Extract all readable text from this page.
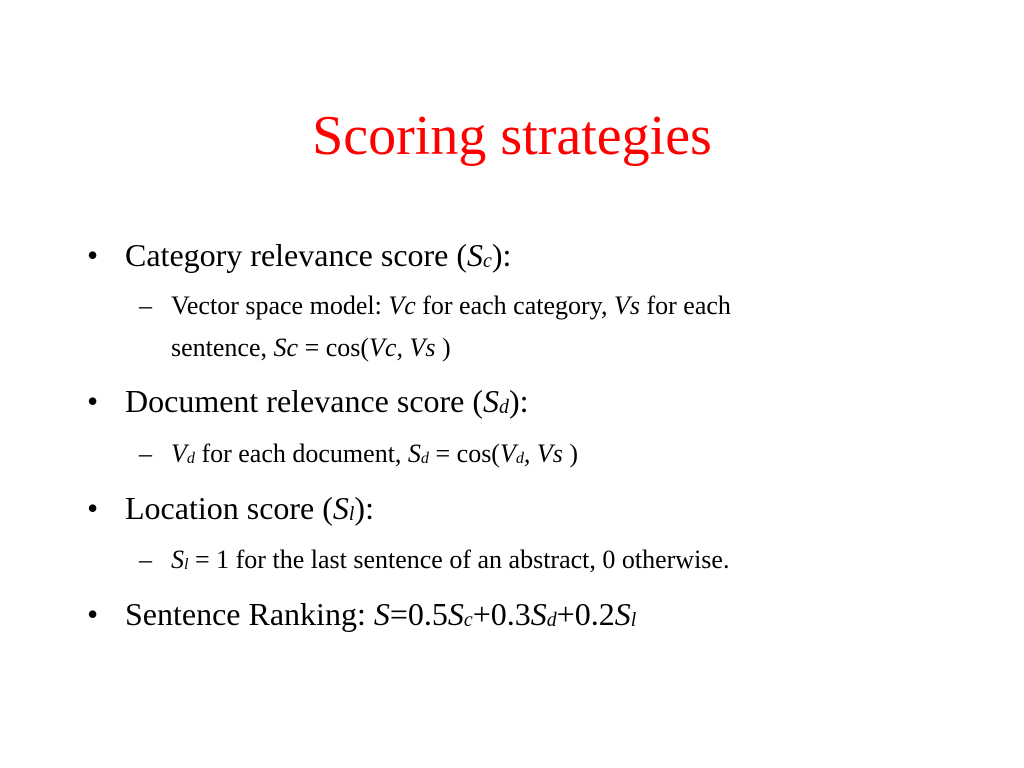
Scoring strategies
• Category relevance score $(S_c)$:
– Vector space model: Vc for each category, Vs for each
sentence, Sc = cos(Vc, Vs )
• Document relevance score $(S_d)$:
– $V_d$ for each document, $S_d = \cos(V_d$, Vs )
• Location score $(S_l)$:
– $S_l = 1$ for the last sentence of an abstract, 0 otherwise.
• Sentence Ranking: $S=0.5S_c+0.3S_d+0.2S_l$
